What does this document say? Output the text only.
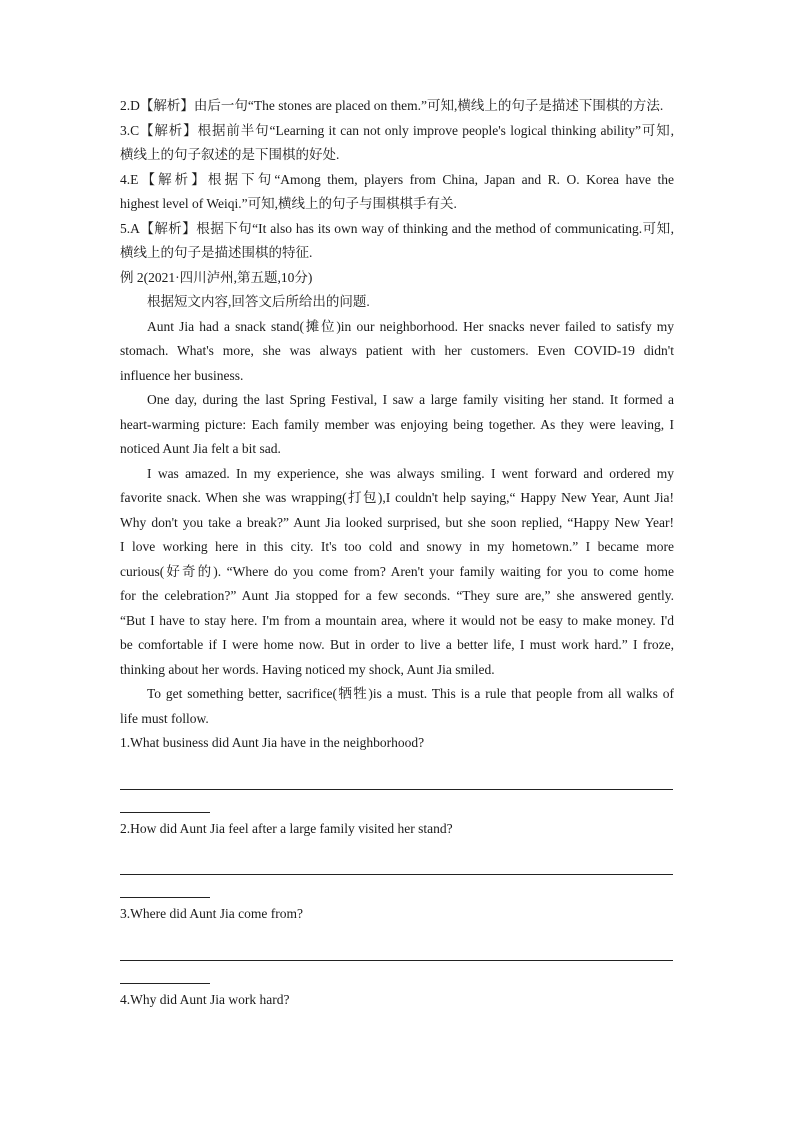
2.D【解析】由后一句“The stones are placed on them.”可知,横线上的句子是描述下围棋的方法.
3.C【解析】根据前半句“Learning it can not only improve people's logical thinking ability”可知,
横线上的句子叙述的是下围棋的好处.
4.E【解析】根据下句“Among them, players from China, Japan and R. O. Korea have the
highest level of Weiqi.”可知,横线上的句子与围棋棋手有关.
5.A【解析】根据下句“It also has its own way of thinking and the method of communicating.可知,
横线上的句子是描述围棋的特征.
例 2(2021·四川泸州,第五题,10分)
根据短文内容,回答文后所给出的问题.
Aunt Jia had a snack stand(摊位)in our neighborhood. Her snacks never failed to satisfy my
stomach. What's more, she was always patient with her customers. Even COVID-19 didn't
influence her business.
One day, during the last Spring Festival, I saw a large family visiting her stand. It formed a
heart-warming picture: Each family member was enjoying being together. As they were leaving, I
noticed Aunt Jia felt a bit sad.
I was amazed. In my experience, she was always smiling. I went forward and ordered my
favorite snack. When she was wrapping(打包),I couldn't help saying,“ Happy New Year, Aunt Jia!
Why don't you take a break?” Aunt Jia looked surprised, but she soon replied, “Happy New Year!
I love working here in this city. It's too cold and snowy in my hometown.” I became more
curious(好奇的). “Where do you come from? Aren't your family waiting for you to come home
for the celebration?” Aunt Jia stopped for a few seconds. “They sure are,” she answered gently.
“But I have to stay here. I'm from a mountain area, where it would not be easy to make money. I'd
be comfortable if I were home now. But in order to live a better life, I must work hard.” I froze,
thinking about her words. Having noticed my shock, Aunt Jia smiled.
To get something better, sacrifice(牺牲)is a must. This is a rule that people from all walks of
life must follow.
1.What business did Aunt Jia have in the neighborhood?
2.How did Aunt Jia feel after a large family visited her stand?
3.Where did Aunt Jia come from?
4.Why did Aunt Jia work hard?
